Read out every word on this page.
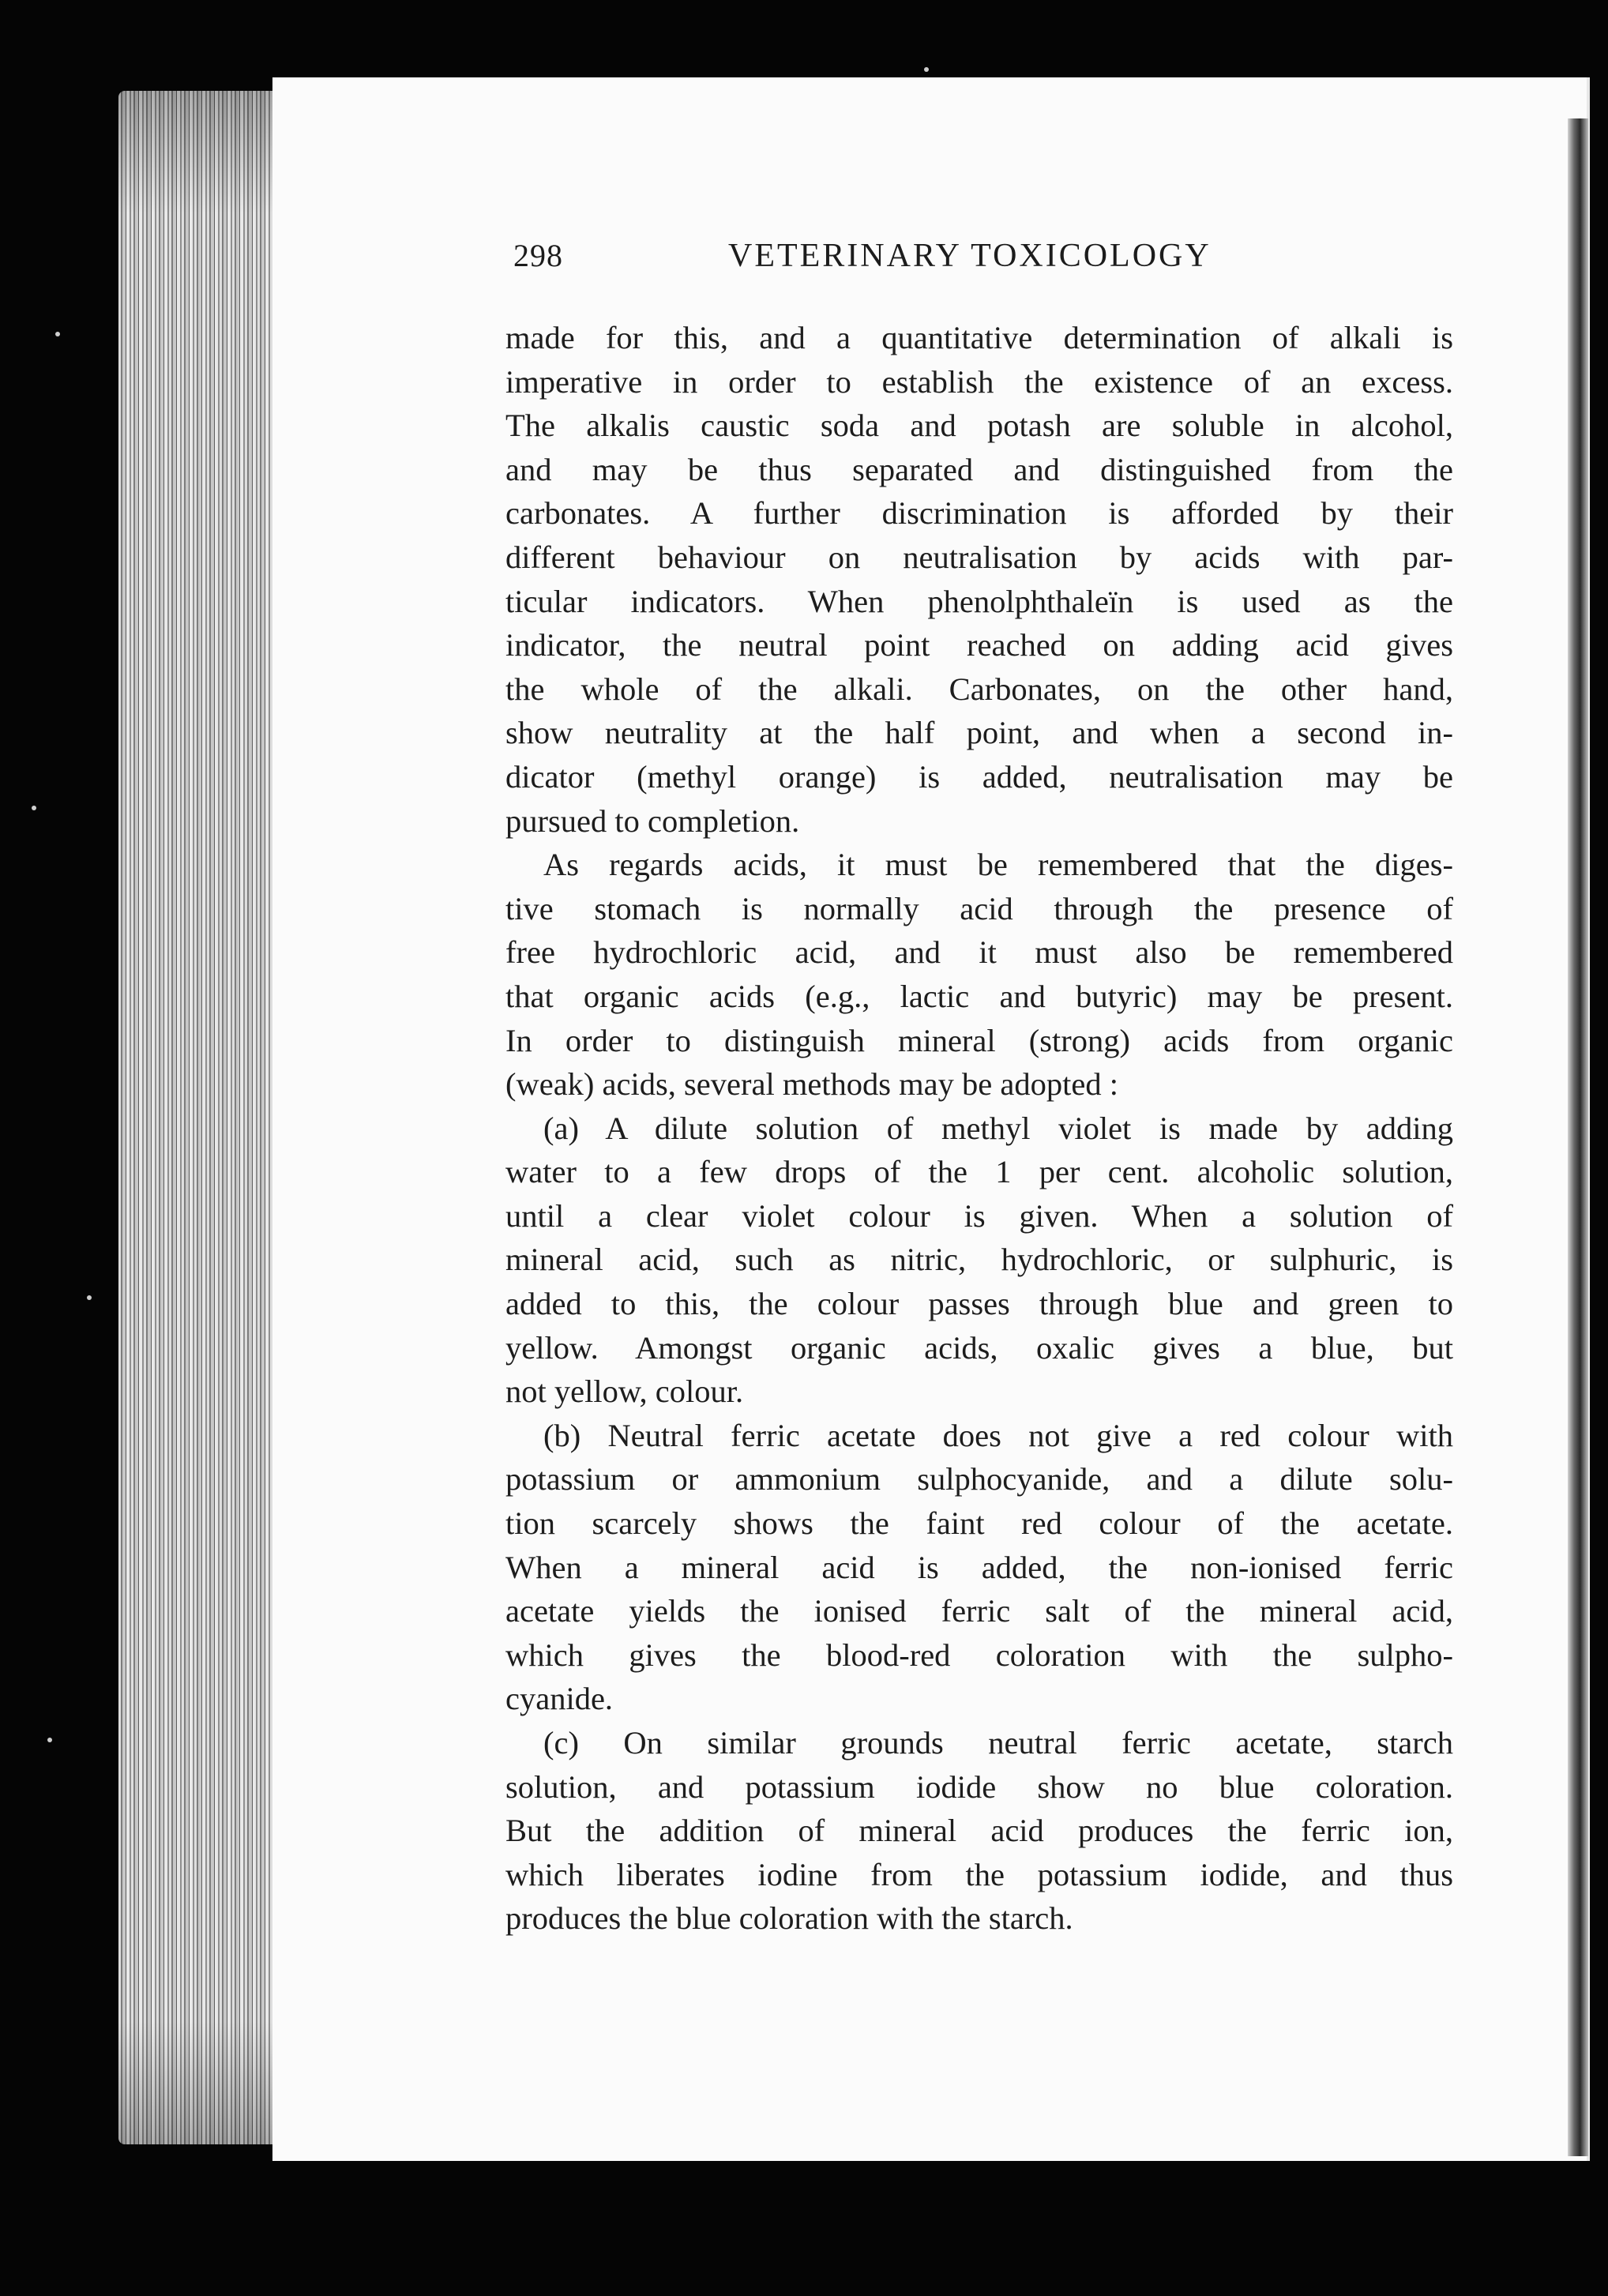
298	VETERINARY TOXICOLOGY
made for this, and a quantitative determination of alkali is
imperative in order to establish the existence of an excess.
The alkalis caustic soda and potash are soluble in alcohol,
and may be thus separated and distinguished from the
carbonates. A further discrimination is afforded by their
different behaviour on neutralisation by acids with par-
ticular indicators. When phenolphthaleïn is used as the
indicator, the neutral point reached on adding acid gives
the whole of the alkali. Carbonates, on the other hand,
show neutrality at the half point, and when a second in-
dicator (methyl orange) is added, neutralisation may be
pursued to completion.
As regards acids, it must be remembered that the diges-
tive stomach is normally acid through the presence of
free hydrochloric acid, and it must also be remembered
that organic acids (e.g., lactic and butyric) may be present.
In order to distinguish mineral (strong) acids from organic
(weak) acids, several methods may be adopted :
(a) A dilute solution of methyl violet is made by adding
water to a few drops of the 1 per cent. alcoholic solution,
until a clear violet colour is given. When a solution of
mineral acid, such as nitric, hydrochloric, or sulphuric, is
added to this, the colour passes through blue and green to
yellow. Amongst organic acids, oxalic gives a blue, but
not yellow, colour.
(b) Neutral ferric acetate does not give a red colour with
potassium or ammonium sulphocyanide, and a dilute solu-
tion scarcely shows the faint red colour of the acetate.
When a mineral acid is added, the non-ionised ferric
acetate yields the ionised ferric salt of the mineral acid,
which gives the blood-red coloration with the sulpho-
cyanide.
(c) On similar grounds neutral ferric acetate, starch
solution, and potassium iodide show no blue coloration.
But the addition of mineral acid produces the ferric ion,
which liberates iodine from the potassium iodide, and thus
produces the blue coloration with the starch.
